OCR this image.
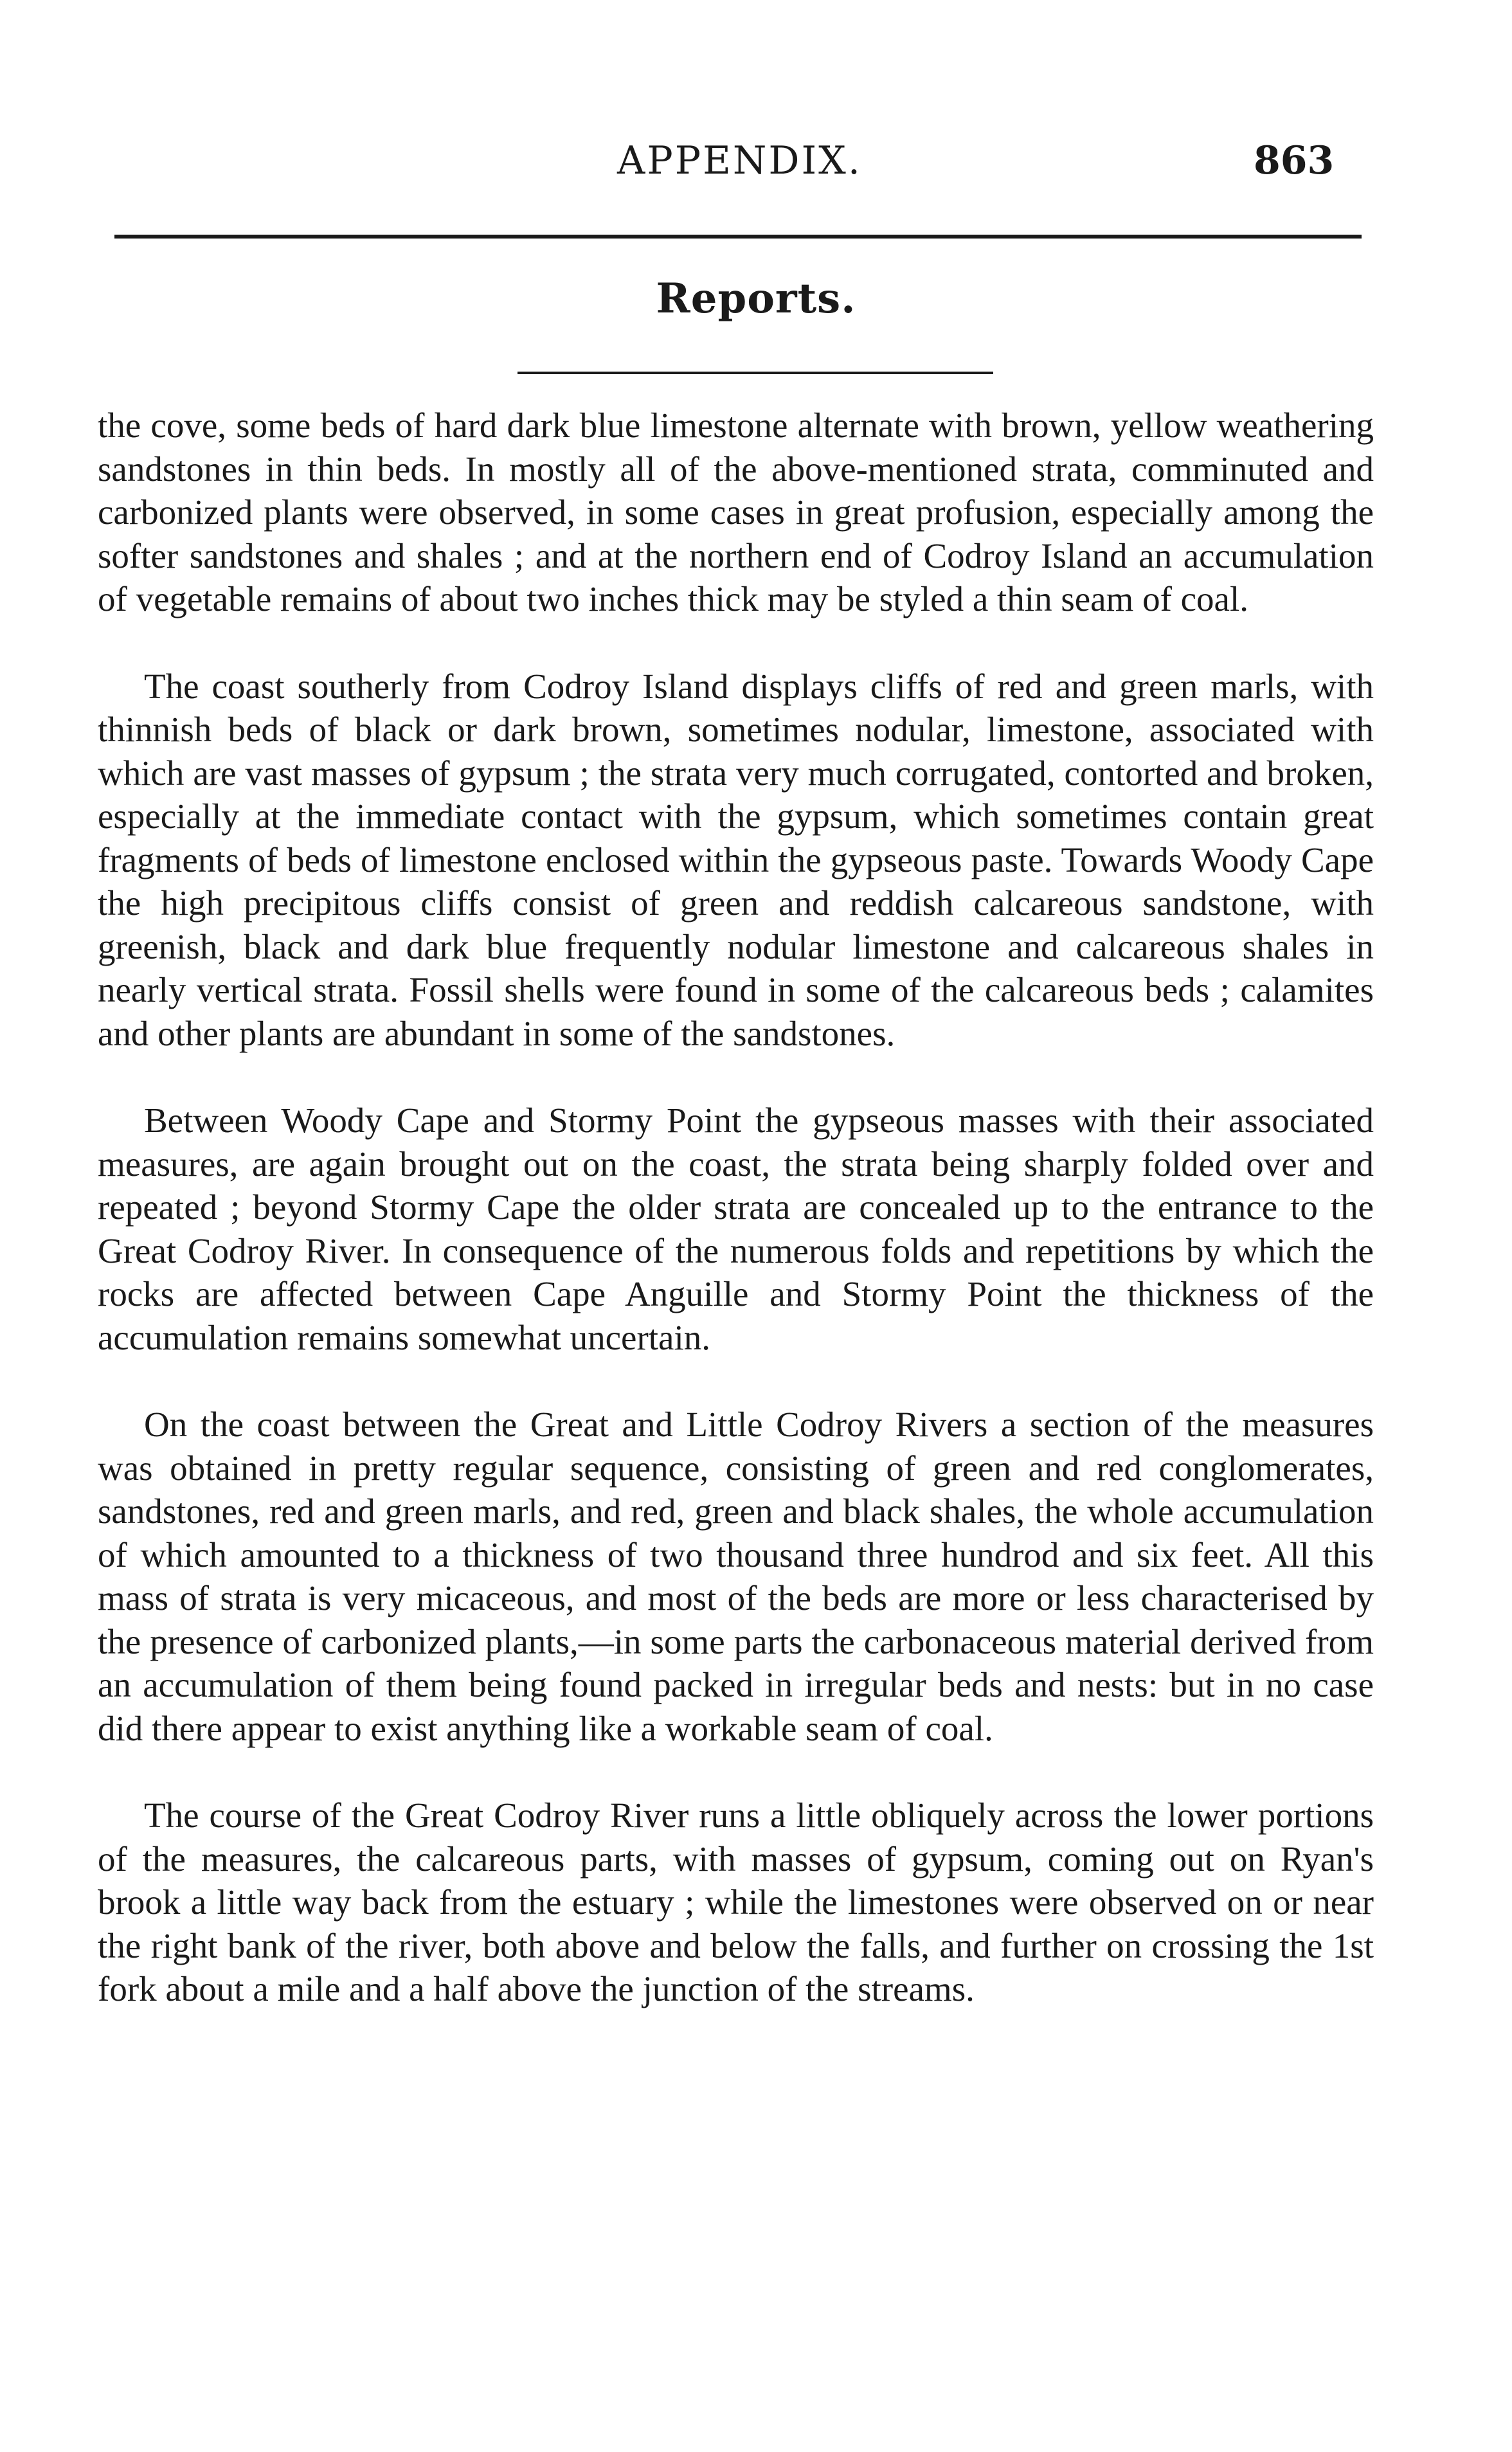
APPENDIX.	863
Reports.

the cove, some beds of hard dark blue limestone alternate with brown, yellow weathering sandstones in thin beds. In mostly all of the above-mentioned strata, comminuted and carbonized plants were observed, in some cases in great profusion, especially among the softer sandstones and shales ; and at the northern end of Codroy Island an accumulation of vegetable remains of about two inches thick may be styled a thin seam of coal.

The coast southerly from Codroy Island displays cliffs of red and green marls, with thinnish beds of black or dark brown, sometimes nodular, limestone, associated with which are vast masses of gypsum ; the strata very much corrugated, contorted and broken, especially at the immediate contact with the gypsum, which sometimes contain great fragments of beds of limestone enclosed within the gypseous paste. Towards Woody Cape the high precipitous cliffs consist of green and reddish calcareous sandstone, with greenish, black and dark blue frequently nodular limestone and calcareous shales in nearly vertical strata. Fossil shells were found in some of the calcareous beds ; calamites and other plants are abundant in some of the sandstones.

Between Woody Cape and Stormy Point the gypseous masses with their associated measures, are again brought out on the coast, the strata being sharply folded over and repeated ; beyond Stormy Cape the older strata are concealed up to the entrance to the Great Codroy River. In consequence of the numerous folds and repetitions by which the rocks are affected between Cape Anguille and Stormy Point the thickness of the accumulation remains somewhat uncertain.

On the coast between the Great and Little Codroy Rivers a section of the measures was obtained in pretty regular sequence, consisting of green and red conglomerates, sandstones, red and green marls, and red, green and black shales, the whole accumulation of which amounted to a thickness of two thousand three hundrod and six feet. All this mass of strata is very micaceous, and most of the beds are more or less characterised by the presence of carbonized plants,—in some parts the carbonaceous material derived from an accumulation of them being found packed in irregular beds and nests: but in no case did there appear to exist anything like a workable seam of coal.

The course of the Great Codroy River runs a little obliquely across the lower portions of the measures, the calcareous parts, with masses of gypsum, coming out on Ryan's brook a little way back from the estuary ; while the limestones were observed on or near the right bank of the river, both above and below the falls, and further on crossing the 1st fork about a mile and a half above the junction of the streams.
